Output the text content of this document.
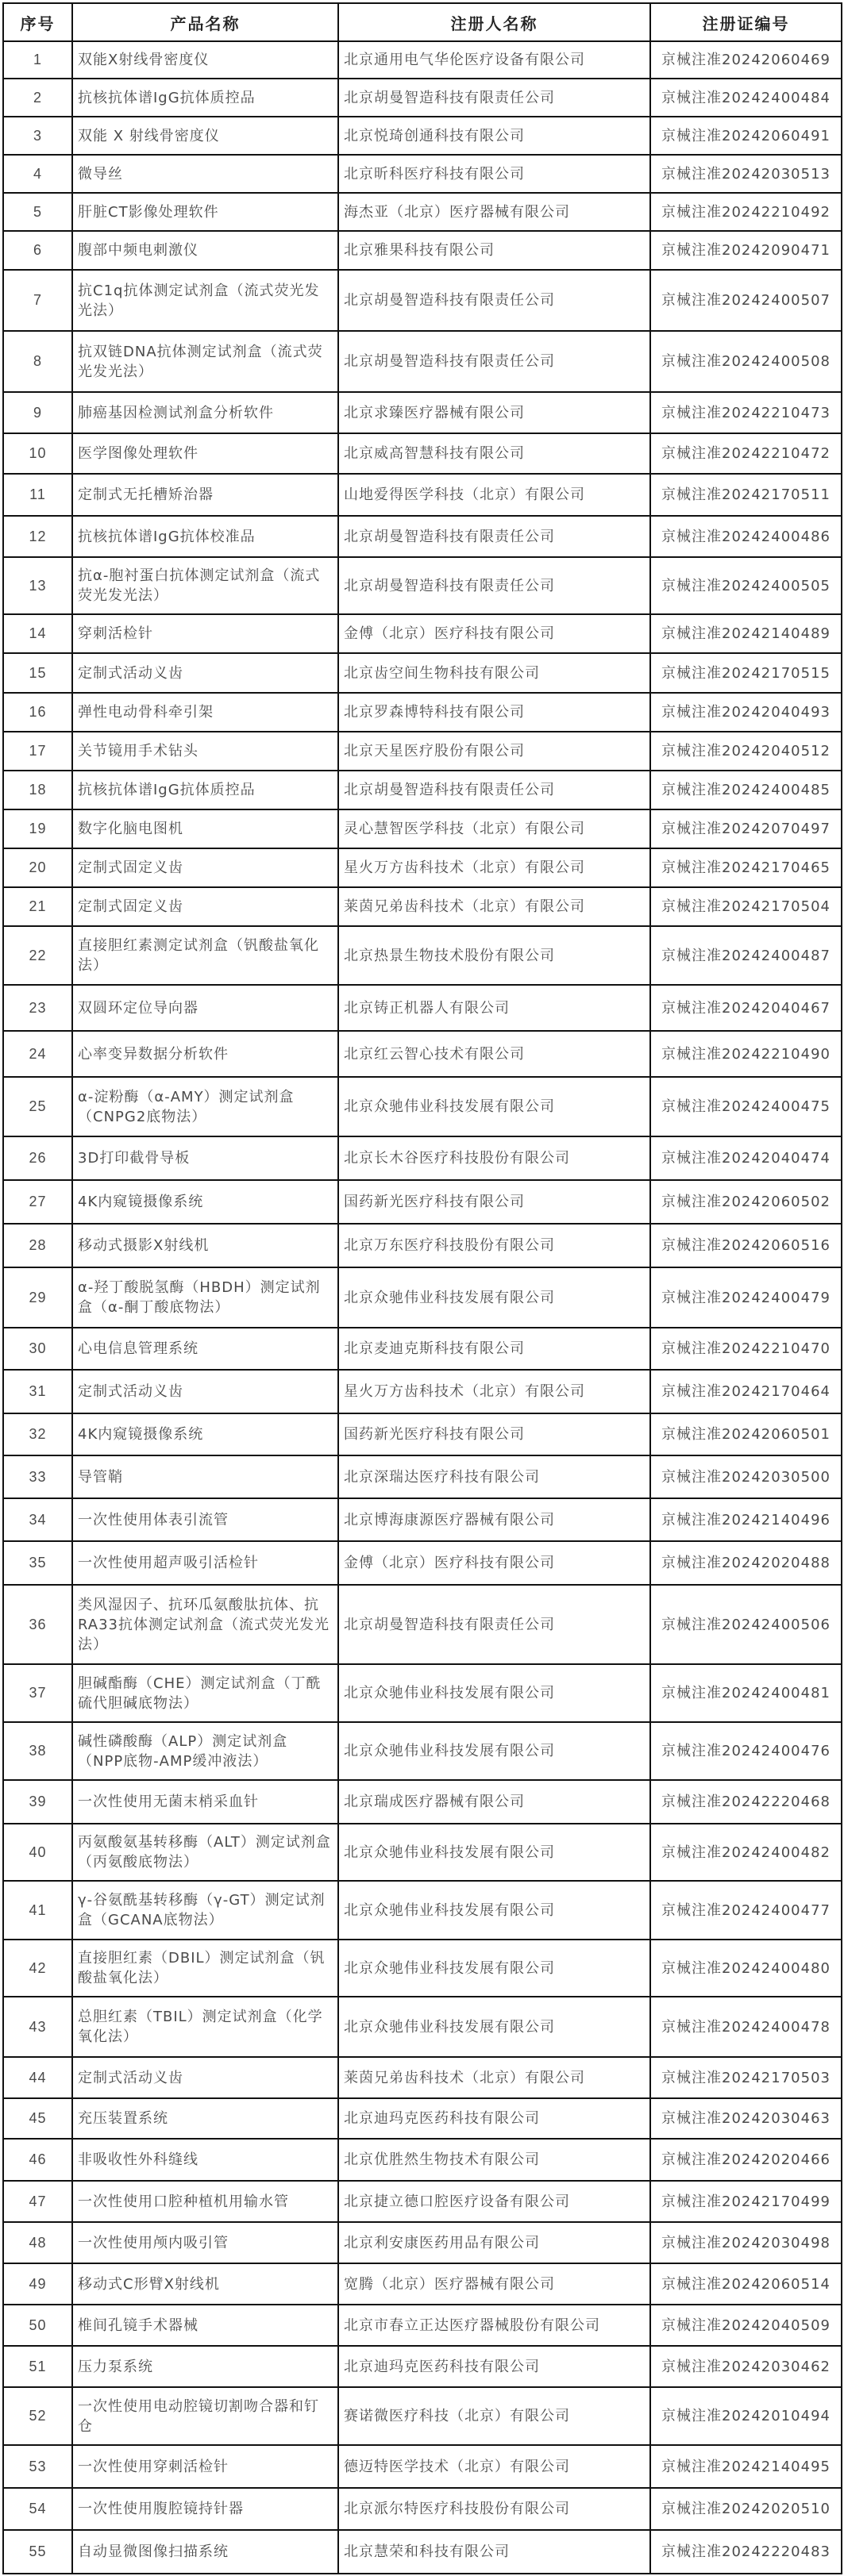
序号	产品名称	注册人名称	注册证编号
1	双能X射线骨密度仪	北京通用电气华伦医疗设备有限公司	京械注准20242060469
2	抗核抗体谱IgG抗体质控品	北京胡曼智造科技有限责任公司	京械注准20242400484
3	双能 X 射线骨密度仪	北京悦琦创通科技有限公司	京械注准20242060491
4	微导丝	北京昕科医疗科技有限公司	京械注准20242030513
5	肝脏CT影像处理软件	海杰亚（北京）医疗器械有限公司	京械注准20242210492
6	腹部中频电刺激仪	北京雅果科技有限公司	京械注准20242090471
7	抗C1q抗体测定试剂盒（流式荧光发光法）	北京胡曼智造科技有限责任公司	京械注准20242400507
8	抗双链DNA抗体测定试剂盒（流式荧光发光法）	北京胡曼智造科技有限责任公司	京械注准20242400508
9	肺癌基因检测试剂盒分析软件	北京求臻医疗器械有限公司	京械注准20242210473
10	医学图像处理软件	北京威高智慧科技有限公司	京械注准20242210472
11	定制式无托槽矫治器	山地爱得医学科技（北京）有限公司	京械注准20242170511
12	抗核抗体谱IgG抗体校准品	北京胡曼智造科技有限责任公司	京械注准20242400486
13	抗α-胞衬蛋白抗体测定试剂盒（流式荧光发光法）	北京胡曼智造科技有限责任公司	京械注准20242400505
14	穿刺活检针	金傅（北京）医疗科技有限公司	京械注准20242140489
15	定制式活动义齿	北京齿空间生物科技有限公司	京械注准20242170515
16	弹性电动骨科牵引架	北京罗森博特科技有限公司	京械注准20242040493
17	关节镜用手术钻头	北京天星医疗股份有限公司	京械注准20242040512
18	抗核抗体谱IgG抗体质控品	北京胡曼智造科技有限责任公司	京械注准20242400485
19	数字化脑电图机	灵心慧智医学科技（北京）有限公司	京械注准20242070497
20	定制式固定义齿	星火万方齿科技术（北京）有限公司	京械注准20242170465
21	定制式固定义齿	莱茵兄弟齿科技术（北京）有限公司	京械注准20242170504
22	直接胆红素测定试剂盒（钒酸盐氧化法）	北京热景生物技术股份有限公司	京械注准20242400487
23	双圆环定位导向器	北京铸正机器人有限公司	京械注准20242040467
24	心率变异数据分析软件	北京红云智心技术有限公司	京械注准20242210490
25	α-淀粉酶（α-AMY）测定试剂盒（CNPG2底物法）	北京众驰伟业科技发展有限公司	京械注准20242400475
26	3D打印截骨导板	北京长木谷医疗科技股份有限公司	京械注准20242040474
27	4K内窥镜摄像系统	国药新光医疗科技有限公司	京械注准20242060502
28	移动式摄影X射线机	北京万东医疗科技股份有限公司	京械注准20242060516
29	α-羟丁酸脱氢酶（HBDH）测定试剂盒（α-酮丁酸底物法）	北京众驰伟业科技发展有限公司	京械注准20242400479
30	心电信息管理系统	北京麦迪克斯科技有限公司	京械注准20242210470
31	定制式活动义齿	星火万方齿科技术（北京）有限公司	京械注准20242170464
32	4K内窥镜摄像系统	国药新光医疗科技有限公司	京械注准20242060501
33	导管鞘	北京深瑞达医疗科技有限公司	京械注准20242030500
34	一次性使用体表引流管	北京博海康源医疗器械有限公司	京械注准20242140496
35	一次性使用超声吸引活检针	金傅（北京）医疗科技有限公司	京械注准20242020488
36	类风湿因子、抗环瓜氨酸肽抗体、抗RA33抗体测定试剂盒（流式荧光发光法）	北京胡曼智造科技有限责任公司	京械注准20242400506
37	胆碱酯酶（CHE）测定试剂盒（丁酰硫代胆碱底物法）	北京众驰伟业科技发展有限公司	京械注准20242400481
38	碱性磷酸酶（ALP）测定试剂盒（NPP底物-AMP缓冲液法）	北京众驰伟业科技发展有限公司	京械注准20242400476
39	一次性使用无菌末梢采血针	北京瑞成医疗器械有限公司	京械注准20242220468
40	丙氨酸氨基转移酶（ALT）测定试剂盒（丙氨酸底物法）	北京众驰伟业科技发展有限公司	京械注准20242400482
41	γ-谷氨酰基转移酶（γ-GT）测定试剂盒（GCANA底物法）	北京众驰伟业科技发展有限公司	京械注准20242400477
42	直接胆红素（DBIL）测定试剂盒（钒酸盐氧化法）	北京众驰伟业科技发展有限公司	京械注准20242400480
43	总胆红素（TBIL）测定试剂盒（化学氧化法）	北京众驰伟业科技发展有限公司	京械注准20242400478
44	定制式活动义齿	莱茵兄弟齿科技术（北京）有限公司	京械注准20242170503
45	充压装置系统	北京迪玛克医药科技有限公司	京械注准20242030463
46	非吸收性外科缝线	北京优胜然生物技术有限公司	京械注准20242020466
47	一次性使用口腔种植机用输水管	北京捷立德口腔医疗设备有限公司	京械注准20242170499
48	一次性使用颅内吸引管	北京利安康医药用品有限公司	京械注准20242030498
49	移动式C形臂X射线机	宽腾（北京）医疗器械有限公司	京械注准20242060514
50	椎间孔镜手术器械	北京市春立正达医疗器械股份有限公司	京械注准20242040509
51	压力泵系统	北京迪玛克医药科技有限公司	京械注准20242030462
52	一次性使用电动腔镜切割吻合器和钉仓	赛诺微医疗科技（北京）有限公司	京械注准20242010494
53	一次性使用穿刺活检针	德迈特医学技术（北京）有限公司	京械注准20242140495
54	一次性使用腹腔镜持针器	北京派尔特医疗科技股份有限公司	京械注准20242020510
55	自动显微图像扫描系统	北京慧荣和科技有限公司	京械注准20242220483
